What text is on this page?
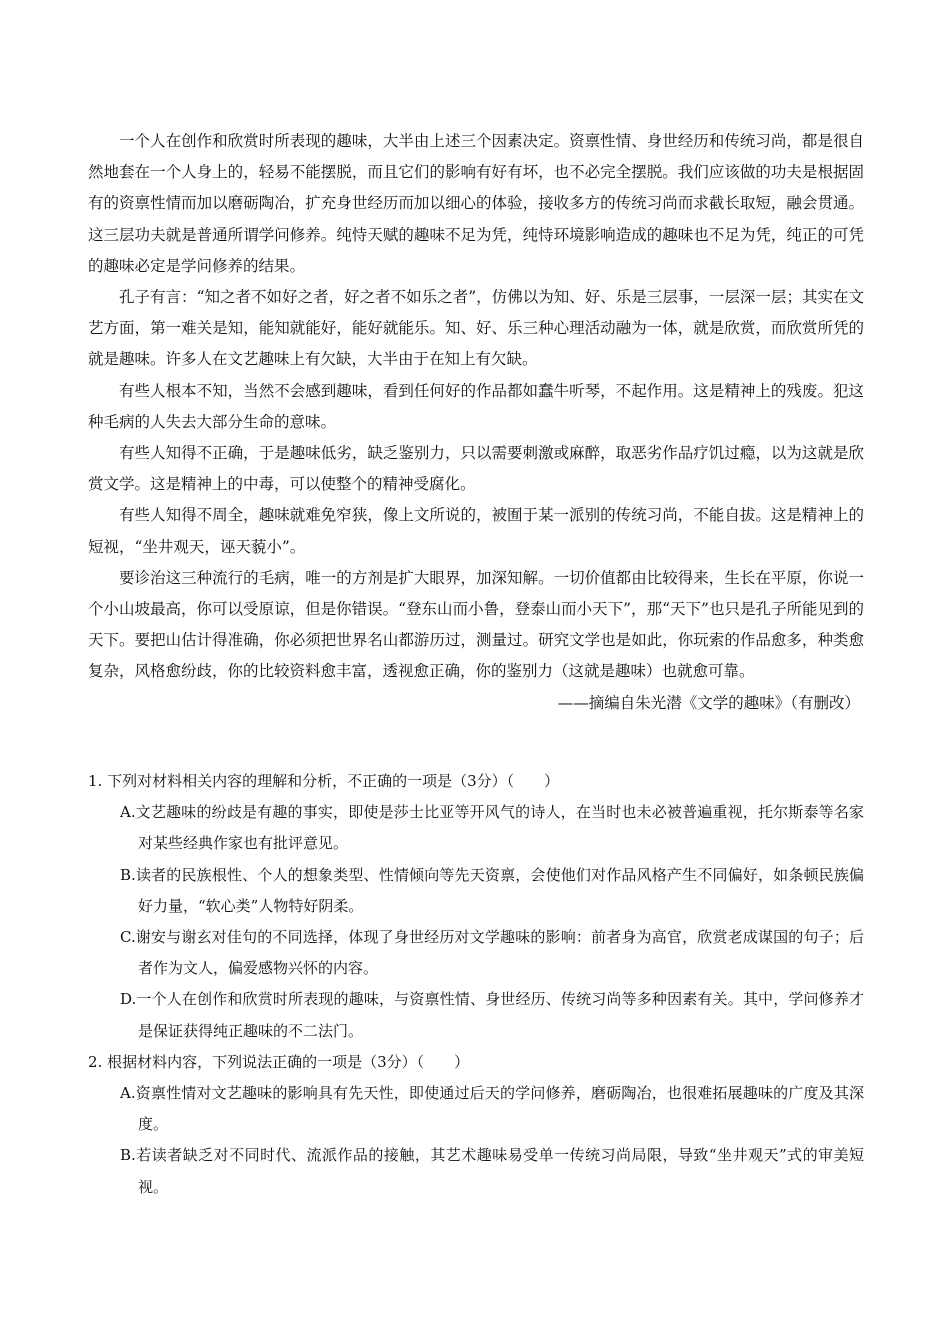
一个人在创作和欣赏时所表现的趣味，大半由上述三个因素决定。资禀性情、身世经历和传统习尚，都是很自然地套在一个人身上的，轻易不能摆脱，而且它们的影响有好有坏，也不必完全摆脱。我们应该做的功夫是根据固有的资禀性情而加以磨砺陶冶，扩充身世经历而加以细心的体验，接收多方的传统习尚而求截长取短，融会贯通。这三层功夫就是普通所谓学问修养。纯恃天赋的趣味不足为凭，纯恃环境影响造成的趣味也不足为凭，纯正的可凭的趣味必定是学问修养的结果。

孔子有言：“知之者不如好之者，好之者不如乐之者”，仿佛以为知、好、乐是三层事，一层深一层；其实在文艺方面，第一难关是知，能知就能好，能好就能乐。知、好、乐三种心理活动融为一体，就是欣赏，而欣赏所凭的就是趣味。许多人在文艺趣味上有欠缺，大半由于在知上有欠缺。

有些人根本不知，当然不会感到趣味，看到任何好的作品都如蠢牛听琴，不起作用。这是精神上的残废。犯这种毛病的人失去大部分生命的意味。

有些人知得不正确，于是趣味低劣，缺乏鉴别力，只以需要刺激或麻醉，取恶劣作品疗饥过瘾，以为这就是欣赏文学。这是精神上的中毒，可以使整个的精神受腐化。

有些人知得不周全，趣味就难免窄狭，像上文所说的，被囿于某一派别的传统习尚，不能自拔。这是精神上的短视，“坐井观天，诬天藐小”。

要诊治这三种流行的毛病，唯一的方剂是扩大眼界，加深知解。一切价值都由比较得来，生长在平原，你说一个小山坡最高，你可以受原谅，但是你错误。“登东山而小鲁，登泰山而小天下”，那“天下”也只是孔子所能见到的天下。要把山估计得准确，你必须把世界名山都游历过，测量过。研究文学也是如此，你玩索的作品愈多，种类愈复杂，风格愈纷歧，你的比较资料愈丰富，透视愈正确，你的鉴别力（这就是趣味）也就愈可靠。

——摘编自朱光潜《文学的趣味》（有删改）

1. 下列对材料相关内容的理解和分析，不正确的一项是（3分）（　　）

A.文艺趣味的纷歧是有趣的事实，即使是莎士比亚等开风气的诗人，在当时也未必被普遍重视，托尔斯泰等名家对某些经典作家也有批评意见。

B.读者的民族根性、个人的想象类型、性情倾向等先天资禀，会使他们对作品风格产生不同偏好，如条顿民族偏好力量，“软心类”人物特好阴柔。

C.谢安与谢玄对佳句的不同选择，体现了身世经历对文学趣味的影响：前者身为高官，欣赏老成谋国的句子；后者作为文人，偏爱感物兴怀的内容。

D.一个人在创作和欣赏时所表现的趣味，与资禀性情、身世经历、传统习尚等多种因素有关。其中，学问修养才是保证获得纯正趣味的不二法门。

2. 根据材料内容，下列说法正确的一项是（3分）（　　）

A.资禀性情对文艺趣味的影响具有先天性，即使通过后天的学问修养，磨砺陶冶，也很难拓展趣味的广度及其深度。

B.若读者缺乏对不同时代、流派作品的接触，其艺术趣味易受单一传统习尚局限，导致“坐井观天”式的审美短视。
